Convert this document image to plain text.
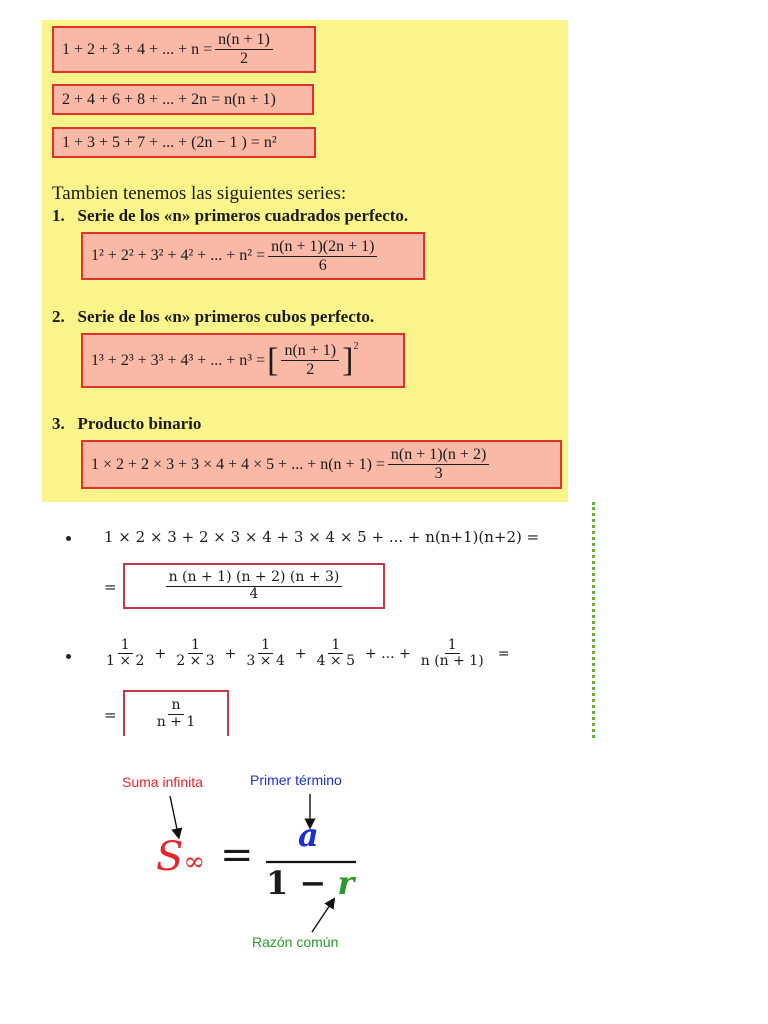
1 + 2 + 3 + 4 + ... + $n = \frac{n(n + 1)}{2}$
2 + 4 + 6 + 8 + ... + 2n = n(n + 1)
1 + 3 + 5 + 7 + ... + (2n − 1 ) = n²
Tambien tenemos las siguientes series:
1. Serie de los «n» primeros cuadrados perfecto.
1² + 2² + 3² + 4² + ... + $n^2 = \frac{n(n + 1)(2n + 1)}{6}$
2. Serie de los «n» primeros cubos perfecto.
1³ + 2³ + 3³ + 4³ + ... + n³ = [ $\frac{n(n + 1)}{2} ]^2$
3. Producto binario
1 × 2 + 2 × 3 + 3 × 4 + 4 × 5 + ... + $n(n + 1) = \frac{n(n + 1)(n + 2)}{3}$
1 × 2 × 3 + 2 × 3 × 4 + 3 × 4 × 5 + ... + n(n+1)(n+2) =
=	$\frac{n (n + 1) (n + 2) (n + 3)}{4}$
$\frac{1}{1 \times 2} + \frac{1}{2 \times 3} + \frac{1}{3 \times 4} + \frac{1}{4 \times 5}$ + ... + $\frac{1}{n (n + 1)}$ =
=	$\frac{n}{n + 1}$
Suma infinita	Primer término
S∞ = a
1 − r
Razón común
